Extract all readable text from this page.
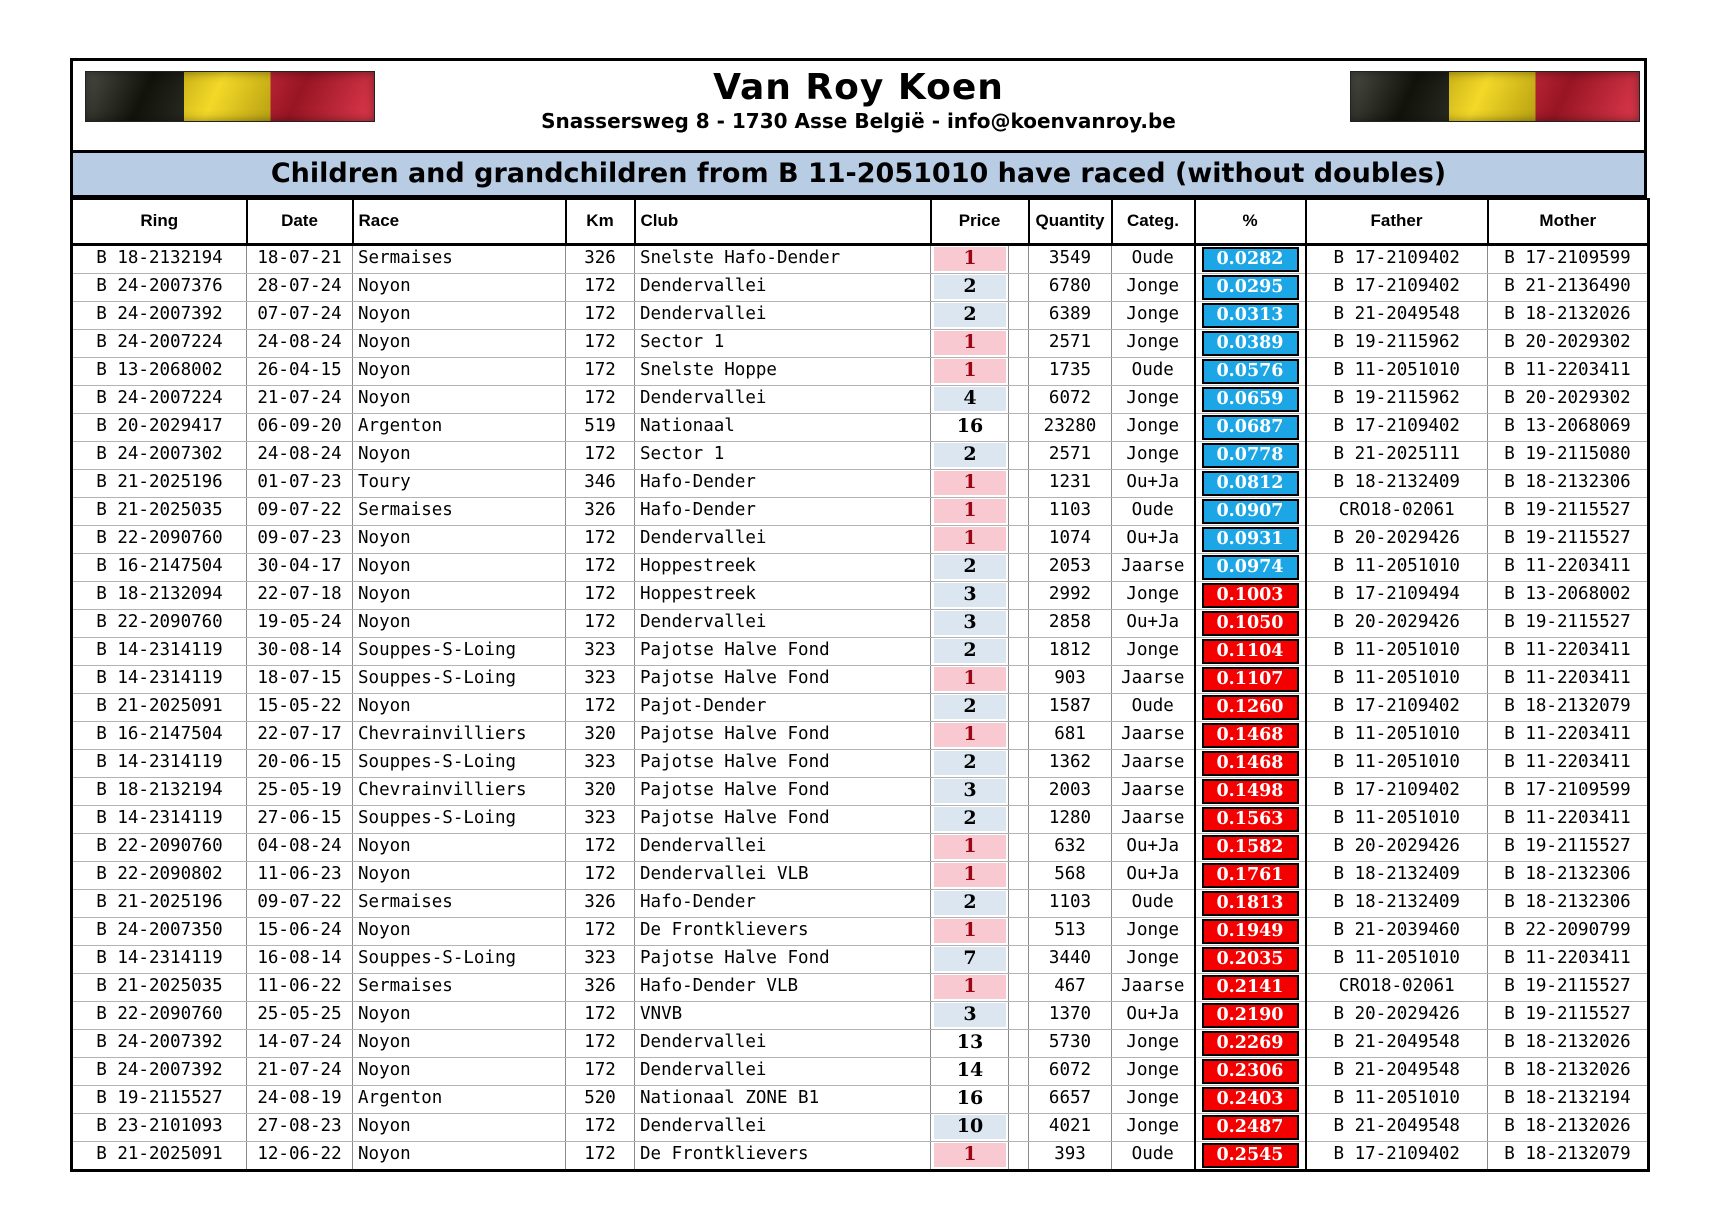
Van Roy Koen
Snassersweg 8 - 1730 Asse België - info@koenvanroy.be
Children and grandchildren from B 11-2051010 have raced (without doubles)
Ring	Date	Race	Km	Club	Price		Quantity	Categ.	%	Father	Mother
B 18-2132194	18-07-21	Sermaises	326	Snelste Hafo-Dender	1		3549	Oude	0.0282	B 17-2109402	B 17-2109599
B 24-2007376	28-07-24	Noyon	172	Dendervallei	2		6780	Jonge	0.0295	B 17-2109402	B 21-2136490
B 24-2007392	07-07-24	Noyon	172	Dendervallei	2		6389	Jonge	0.0313	B 21-2049548	B 18-2132026
B 24-2007224	24-08-24	Noyon	172	Sector 1	1		2571	Jonge	0.0389	B 19-2115962	B 20-2029302
B 13-2068002	26-04-15	Noyon	172	Snelste Hoppe	1		1735	Oude	0.0576	B 11-2051010	B 11-2203411
B 24-2007224	21-07-24	Noyon	172	Dendervallei	4		6072	Jonge	0.0659	B 19-2115962	B 20-2029302
B 20-2029417	06-09-20	Argenton	519	Nationaal	16		23280	Jonge	0.0687	B 17-2109402	B 13-2068069
B 24-2007302	24-08-24	Noyon	172	Sector 1	2		2571	Jonge	0.0778	B 21-2025111	B 19-2115080
B 21-2025196	01-07-23	Toury	346	Hafo-Dender	1		1231	Ou+Ja	0.0812	B 18-2132409	B 18-2132306
B 21-2025035	09-07-22	Sermaises	326	Hafo-Dender	1		1103	Oude	0.0907	CRO18-02061	B 19-2115527
B 22-2090760	09-07-23	Noyon	172	Dendervallei	1		1074	Ou+Ja	0.0931	B 20-2029426	B 19-2115527
B 16-2147504	30-04-17	Noyon	172	Hoppestreek	2		2053	Jaarse	0.0974	B 11-2051010	B 11-2203411
B 18-2132094	22-07-18	Noyon	172	Hoppestreek	3		2992	Jonge	0.1003	B 17-2109494	B 13-2068002
B 22-2090760	19-05-24	Noyon	172	Dendervallei	3		2858	Ou+Ja	0.1050	B 20-2029426	B 19-2115527
B 14-2314119	30-08-14	Souppes-S-Loing	323	Pajotse Halve Fond	2		1812	Jonge	0.1104	B 11-2051010	B 11-2203411
B 14-2314119	18-07-15	Souppes-S-Loing	323	Pajotse Halve Fond	1		903	Jaarse	0.1107	B 11-2051010	B 11-2203411
B 21-2025091	15-05-22	Noyon	172	Pajot-Dender	2		1587	Oude	0.1260	B 17-2109402	B 18-2132079
B 16-2147504	22-07-17	Chevrainvilliers	320	Pajotse Halve Fond	1		681	Jaarse	0.1468	B 11-2051010	B 11-2203411
B 14-2314119	20-06-15	Souppes-S-Loing	323	Pajotse Halve Fond	2		1362	Jaarse	0.1468	B 11-2051010	B 11-2203411
B 18-2132194	25-05-19	Chevrainvilliers	320	Pajotse Halve Fond	3		2003	Jaarse	0.1498	B 17-2109402	B 17-2109599
B 14-2314119	27-06-15	Souppes-S-Loing	323	Pajotse Halve Fond	2		1280	Jaarse	0.1563	B 11-2051010	B 11-2203411
B 22-2090760	04-08-24	Noyon	172	Dendervallei	1		632	Ou+Ja	0.1582	B 20-2029426	B 19-2115527
B 22-2090802	11-06-23	Noyon	172	Dendervallei VLB	1		568	Ou+Ja	0.1761	B 18-2132409	B 18-2132306
B 21-2025196	09-07-22	Sermaises	326	Hafo-Dender	2		1103	Oude	0.1813	B 18-2132409	B 18-2132306
B 24-2007350	15-06-24	Noyon	172	De Frontklievers	1		513	Jonge	0.1949	B 21-2039460	B 22-2090799
B 14-2314119	16-08-14	Souppes-S-Loing	323	Pajotse Halve Fond	7		3440	Jonge	0.2035	B 11-2051010	B 11-2203411
B 21-2025035	11-06-22	Sermaises	326	Hafo-Dender VLB	1		467	Jaarse	0.2141	CRO18-02061	B 19-2115527
B 22-2090760	25-05-25	Noyon	172	VNVB	3		1370	Ou+Ja	0.2190	B 20-2029426	B 19-2115527
B 24-2007392	14-07-24	Noyon	172	Dendervallei	13		5730	Jonge	0.2269	B 21-2049548	B 18-2132026
B 24-2007392	21-07-24	Noyon	172	Dendervallei	14		6072	Jonge	0.2306	B 21-2049548	B 18-2132026
B 19-2115527	24-08-19	Argenton	520	Nationaal ZONE B1	16		6657	Jonge	0.2403	B 11-2051010	B 18-2132194
B 23-2101093	27-08-23	Noyon	172	Dendervallei	10		4021	Jonge	0.2487	B 21-2049548	B 18-2132026
B 21-2025091	12-06-22	Noyon	172	De Frontklievers	1		393	Oude	0.2545	B 17-2109402	B 18-2132079
